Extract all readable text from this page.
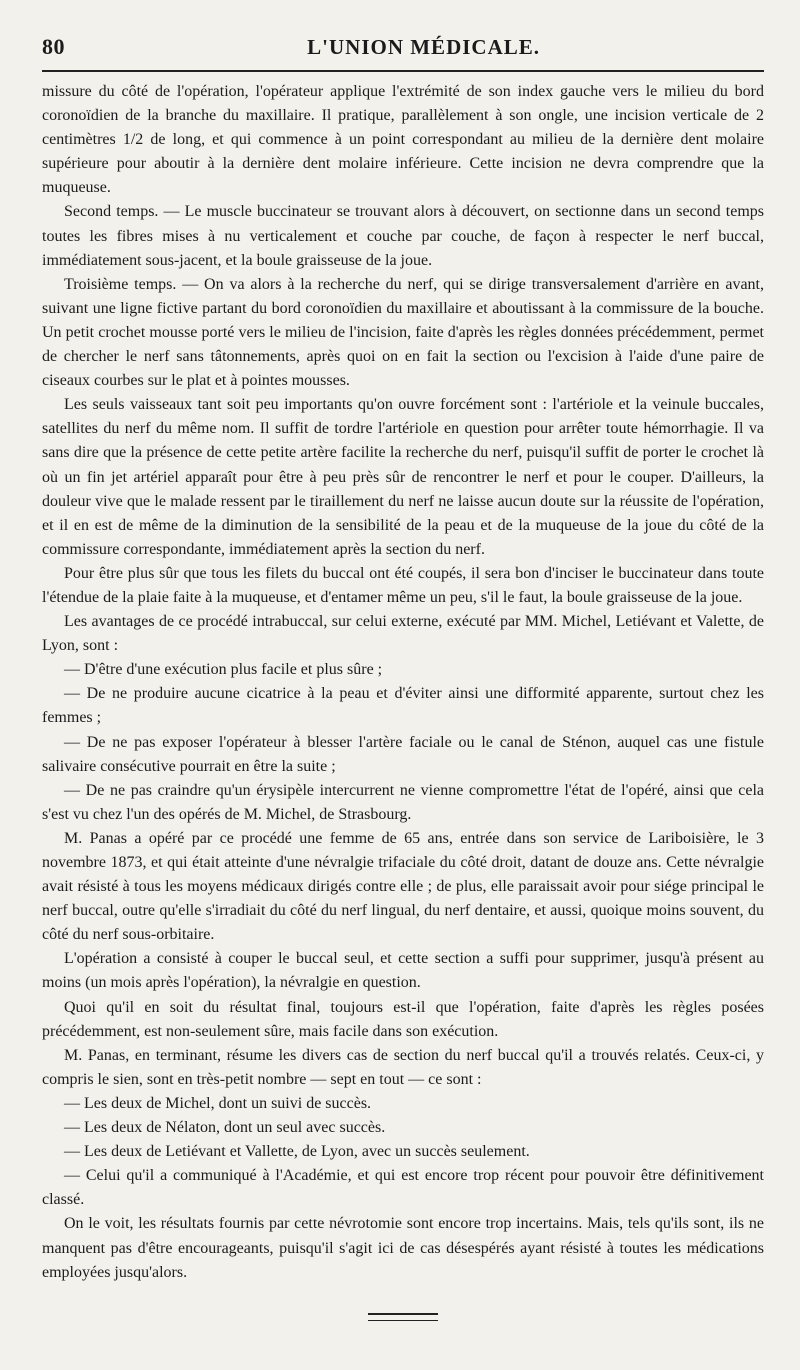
80	L'UNION MÉDICALE.

missure du côté de l'opération, l'opérateur applique l'extrémité de son index gauche vers le milieu du bord coronoïdien de la branche du maxillaire. Il pratique, parallèlement à son ongle, une incision verticale de 2 centimètres 1/2 de long, et qui commence à un point correspondant au milieu de la dernière dent molaire supérieure pour aboutir à la dernière dent molaire inférieure. Cette incision ne devra comprendre que la muqueuse.

Second temps. — Le muscle buccinateur se trouvant alors à découvert, on sectionne dans un second temps toutes les fibres mises à nu verticalement et couche par couche, de façon à respecter le nerf buccal, immédiatement sous-jacent, et la boule graisseuse de la joue.

Troisième temps. — On va alors à la recherche du nerf, qui se dirige transversalement d'arrière en avant, suivant une ligne fictive partant du bord coronoïdien du maxillaire et aboutissant à la commissure de la bouche. Un petit crochet mousse porté vers le milieu de l'incision, faite d'après les règles données précédemment, permet de chercher le nerf sans tâtonnements, après quoi on en fait la section ou l'excision à l'aide d'une paire de ciseaux courbes sur le plat et à pointes mousses.

Les seuls vaisseaux tant soit peu importants qu'on ouvre forcément sont : l'artériole et la veinule buccales, satellites du nerf du même nom. Il suffit de tordre l'artériole en question pour arrêter toute hémorrhagie. Il va sans dire que la présence de cette petite artère facilite la recherche du nerf, puisqu'il suffit de porter le crochet là où un fin jet artériel apparaît pour être à peu près sûr de rencontrer le nerf et pour le couper. D'ailleurs, la douleur vive que le malade ressent par le tiraillement du nerf ne laisse aucun doute sur la réussite de l'opération, et il en est de même de la diminution de la sensibilité de la peau et de la muqueuse de la joue du côté de la commissure correspondante, immédiatement après la section du nerf.

Pour être plus sûr que tous les filets du buccal ont été coupés, il sera bon d'inciser le buccinateur dans toute l'étendue de la plaie faite à la muqueuse, et d'entamer même un peu, s'il le faut, la boule graisseuse de la joue.

Les avantages de ce procédé intrabuccal, sur celui externe, exécuté par MM. Michel, Letiévant et Valette, de Lyon, sont :

— D'être d'une exécution plus facile et plus sûre ;

— De ne produire aucune cicatrice à la peau et d'éviter ainsi une difformité apparente, surtout chez les femmes ;

— De ne pas exposer l'opérateur à blesser l'artère faciale ou le canal de Sténon, auquel cas une fistule salivaire consécutive pourrait en être la suite ;

— De ne pas craindre qu'un érysipèle intercurrent ne vienne compromettre l'état de l'opéré, ainsi que cela s'est vu chez l'un des opérés de M. Michel, de Strasbourg.

M. Panas a opéré par ce procédé une femme de 65 ans, entrée dans son service de Lariboisière, le 3 novembre 1873, et qui était atteinte d'une névralgie trifaciale du côté droit, datant de douze ans. Cette névralgie avait résisté à tous les moyens médicaux dirigés contre elle ; de plus, elle paraissait avoir pour siége principal le nerf buccal, outre qu'elle s'irradiait du côté du nerf lingual, du nerf dentaire, et aussi, quoique moins souvent, du côté du nerf sous-orbitaire.

L'opération a consisté à couper le buccal seul, et cette section a suffi pour supprimer, jusqu'à présent au moins (un mois après l'opération), la névralgie en question.

Quoi qu'il en soit du résultat final, toujours est-il que l'opération, faite d'après les règles posées précédemment, est non-seulement sûre, mais facile dans son exécution.

M. Panas, en terminant, résume les divers cas de section du nerf buccal qu'il a trouvés relatés. Ceux-ci, y compris le sien, sont en très-petit nombre — sept en tout — ce sont :

— Les deux de Michel, dont un suivi de succès.

— Les deux de Nélaton, dont un seul avec succès.

— Les deux de Letiévant et Vallette, de Lyon, avec un succès seulement.

— Celui qu'il a communiqué à l'Académie, et qui est encore trop récent pour pouvoir être définitivement classé.

On le voit, les résultats fournis par cette névrotomie sont encore trop incertains. Mais, tels qu'ils sont, ils ne manquent pas d'être encourageants, puisqu'il s'agit ici de cas désespérés ayant résisté à toutes les médications employées jusqu'alors.
